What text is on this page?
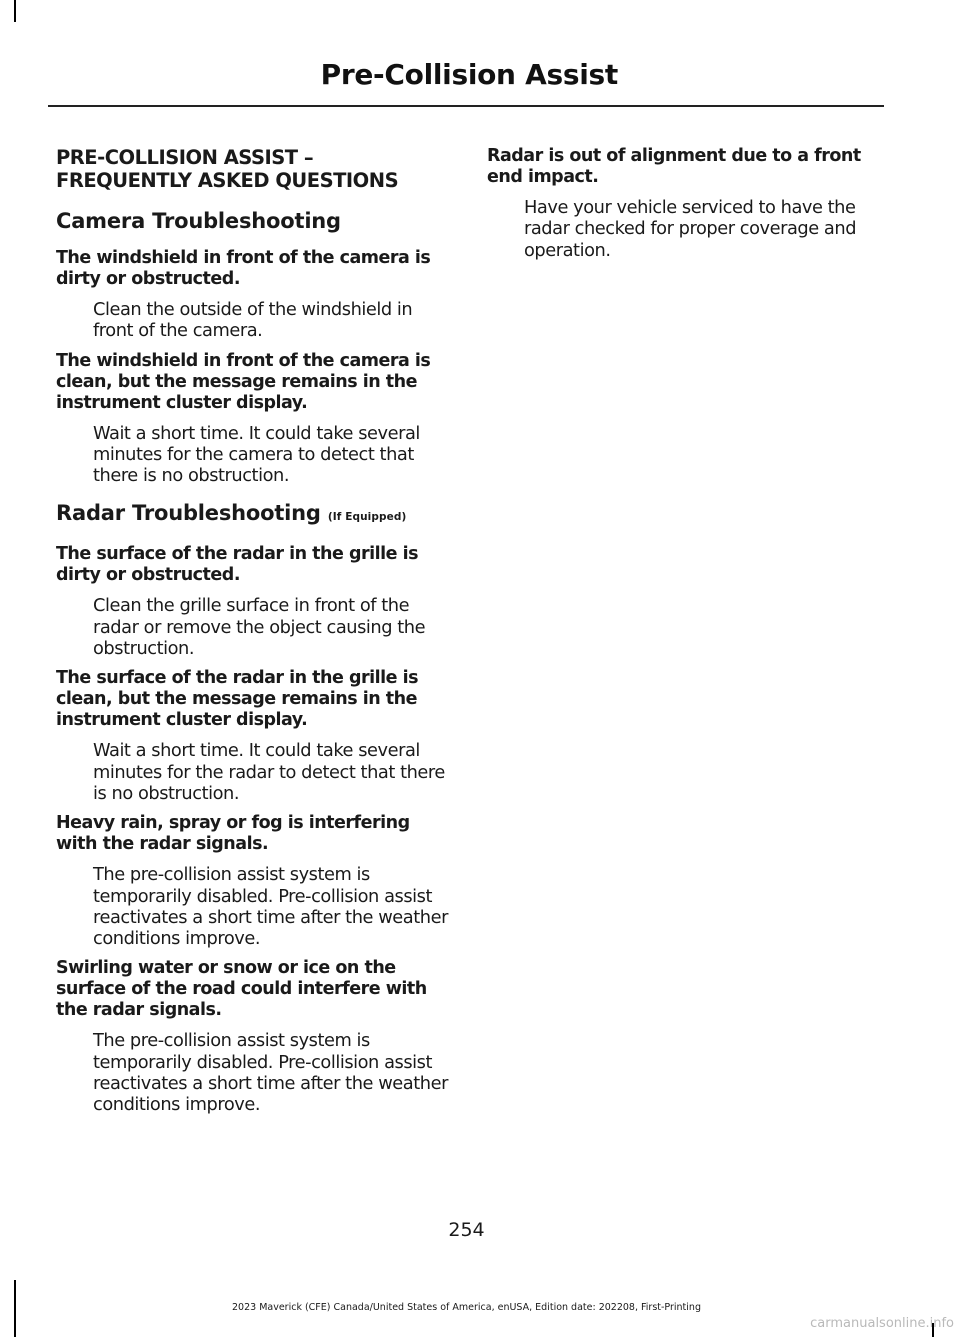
Pre-Collision Assist
PRE-COLLISION ASSIST – FREQUENTLY ASKED QUESTIONS
Camera Troubleshooting
The windshield in front of the camera is dirty or obstructed.
Clean the outside of the windshield in front of the camera.
The windshield in front of the camera is clean, but the message remains in the instrument cluster display.
Wait a short time. It could take several minutes for the camera to detect that there is no obstruction.
Radar Troubleshooting (If Equipped)
The surface of the radar in the grille is dirty or obstructed.
Clean the grille surface in front of the radar or remove the object causing the obstruction.
The surface of the radar in the grille is clean, but the message remains in the instrument cluster display.
Wait a short time. It could take several minutes for the radar to detect that there is no obstruction.
Heavy rain, spray or fog is interfering with the radar signals.
The pre-collision assist system is temporarily disabled. Pre-collision assist reactivates a short time after the weather conditions improve.
Swirling water or snow or ice on the surface of the road could interfere with the radar signals.
The pre-collision assist system is temporarily disabled. Pre-collision assist reactivates a short time after the weather conditions improve.
Radar is out of alignment due to a front end impact.
Have your vehicle serviced to have the radar checked for proper coverage and operation.
254
2023 Maverick (CFE) Canada/United States of America, enUSA, Edition date: 202208, First-Printing
carmanualsonline.info
